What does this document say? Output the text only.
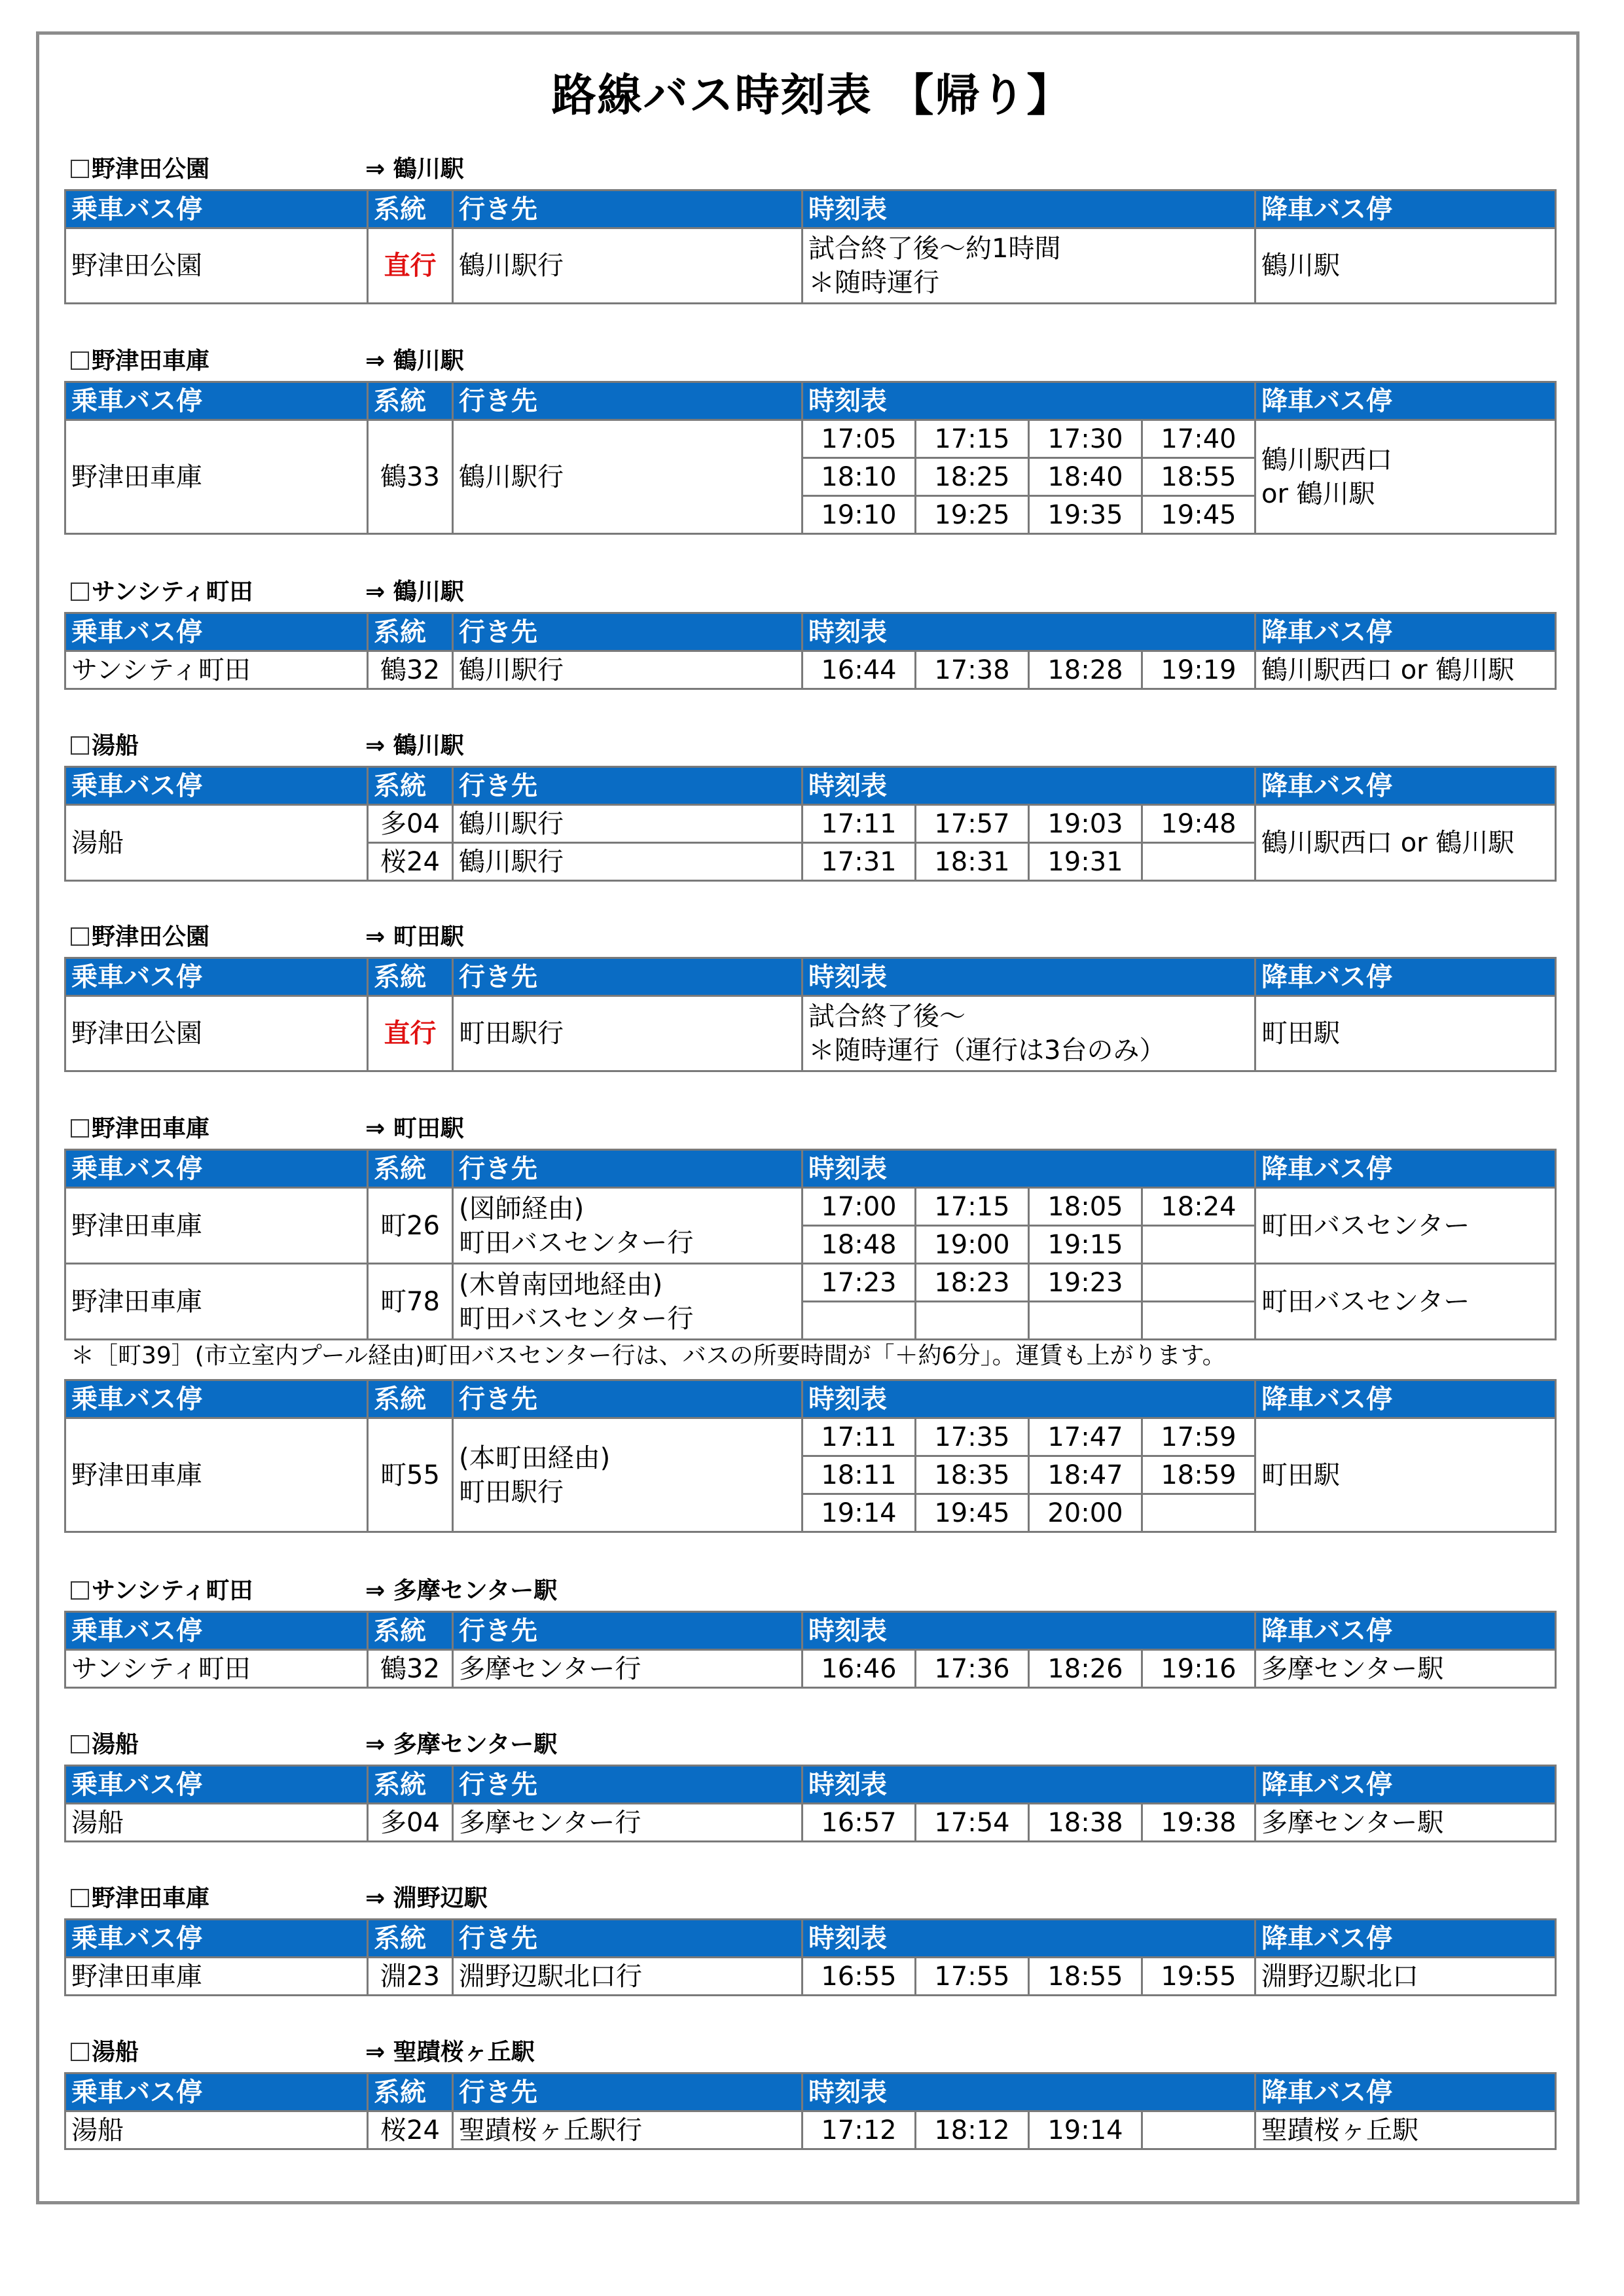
路線バス時刻表 【帰り】
野津田公園	⇒ 鶴川駅
乗車バス停	系統	行き先	時刻表	降車バス停
野津田公園	直行	鶴川駅行	試合終了後～約1時間
＊随時運行	鶴川駅
野津田車庫	⇒ 鶴川駅
乗車バス停	系統	行き先	時刻表				降車バス停
野津田車庫	鶴33	鶴川駅行	17:05	17:15	17:30	17:40	鶴川駅西口
or 鶴川駅

			18:10	18:25	18:40	18:55	
			19:10	19:25	19:35	19:45	
サンシティ町田	⇒ 鶴川駅
乗車バス停	系統	行き先	時刻表				降車バス停
サンシティ町田	鶴32	鶴川駅行	16:44	17:38	18:28	19:19	鶴川駅西口 or 鶴川駅
湯船	⇒ 鶴川駅
乗車バス停	系統	行き先	時刻表				降車バス停
湯船	多04	鶴川駅行	17:11	17:57	19:03	19:48	鶴川駅西口 or 鶴川駅
	桜24	鶴川駅行	17:31	18:31	19:31		
野津田公園	⇒ 町田駅
乗車バス停	系統	行き先	時刻表	降車バス停
野津田公園	直行	町田駅行	試合終了後～
＊随時運行（運行は3台のみ）	町田駅
野津田車庫	⇒ 町田駅
乗車バス停	系統	行き先	時刻表				降車バス停
野津田車庫	町26	(図師経由)
町田バスセンター行	17:00	17:15	18:05	18:24	町田バスセンター
			18:48	19:00	19:15		
野津田車庫	町78	(木曽南団地経由)
町田バスセンター行	17:23	18:23	19:23		町田バスセンター

＊［町39］(市立室内プール経由)町田バスセンター行は、バスの所要時間が「＋約6分」。運賃も上がります。
乗車バス停	系統	行き先	時刻表				降車バス停
野津田車庫	町55	(本町田経由)
町田駅行	17:11	17:35	17:47	17:59	町田駅
			18:11	18:35	18:47	18:59	
			19:14	19:45	20:00		
サンシティ町田	⇒ 多摩センター駅
乗車バス停	系統	行き先	時刻表				降車バス停
サンシティ町田	鶴32	多摩センター行	16:46	17:36	18:26	19:16	多摩センター駅
湯船	⇒ 多摩センター駅
乗車バス停	系統	行き先	時刻表				降車バス停
湯船	多04	多摩センター行	16:57	17:54	18:38	19:38	多摩センター駅
野津田車庫	⇒ 淵野辺駅
乗車バス停	系統	行き先	時刻表				降車バス停
野津田車庫	淵23	淵野辺駅北口行	16:55	17:55	18:55	19:55	淵野辺駅北口
湯船	⇒ 聖蹟桜ヶ丘駅
乗車バス停	系統	行き先	時刻表				降車バス停
湯船	桜24	聖蹟桜ヶ丘駅行	17:12	18:12	19:14		聖蹟桜ヶ丘駅
